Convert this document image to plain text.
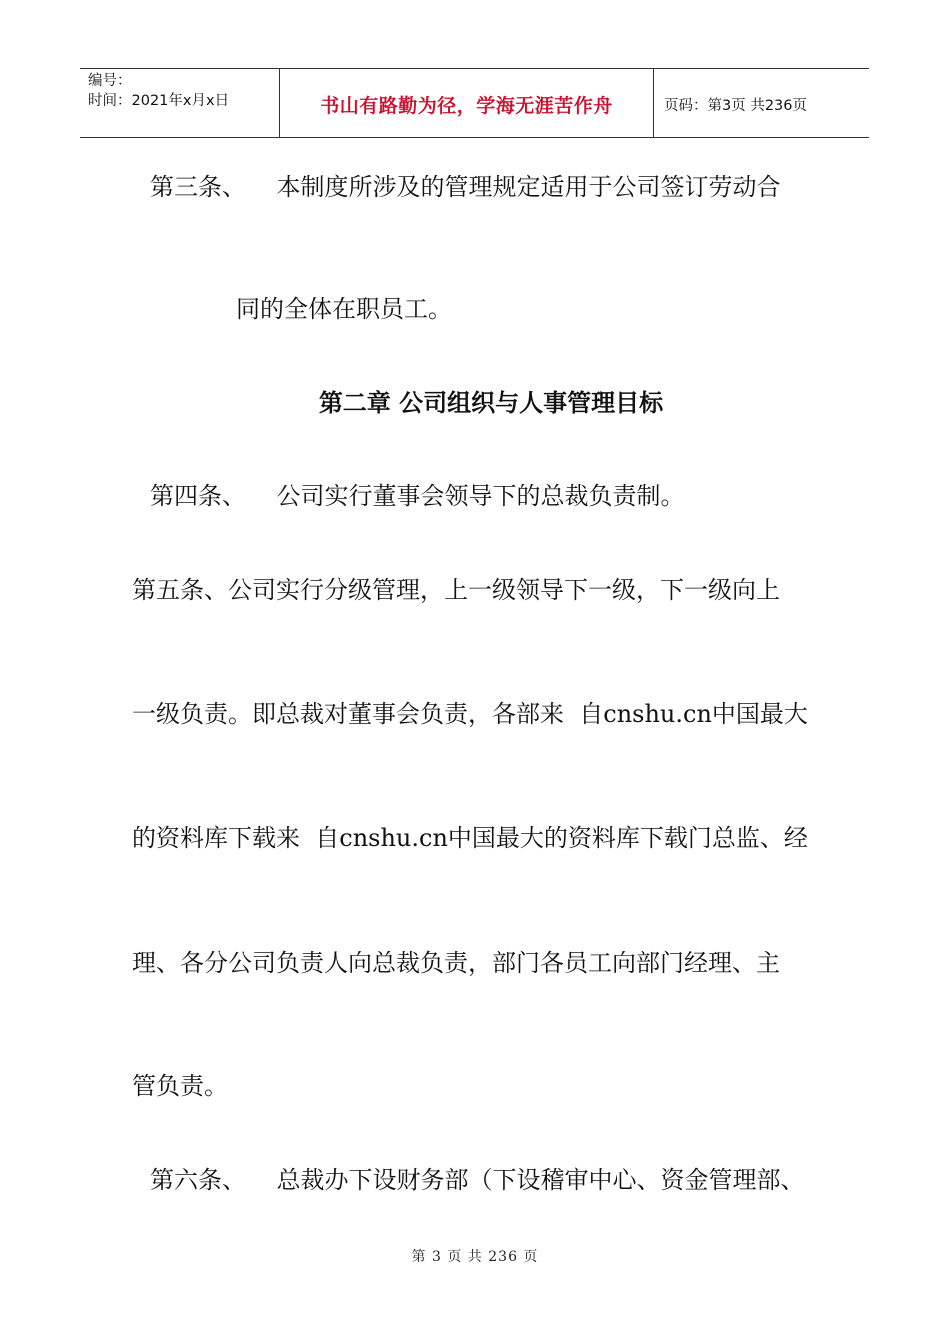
编号：
时间：2021年x月x日	书山有路勤为径，学海无涯苦作舟	页码：第3页 共236页
第三条、    本制度所涉及的管理规定适用于公司签订劳动合
同的全体在职员工。
第二章 公司组织与人事管理目标
第四条、    公司实行董事会领导下的总裁负责制。
第五条、公司实行分级管理，上一级领导下一级，下一级向上
一级负责。即总裁对董事会负责，各部来  自cnshu.cn中国最大
的资料库下载来  自cnshu.cn中国最大的资料库下载门总监、经
理、各分公司负责人向总裁负责，部门各员工向部门经理、主
管负责。
第六条、    总裁办下设财务部（下设稽审中心、资金管理部、
第 3 页 共 236 页
